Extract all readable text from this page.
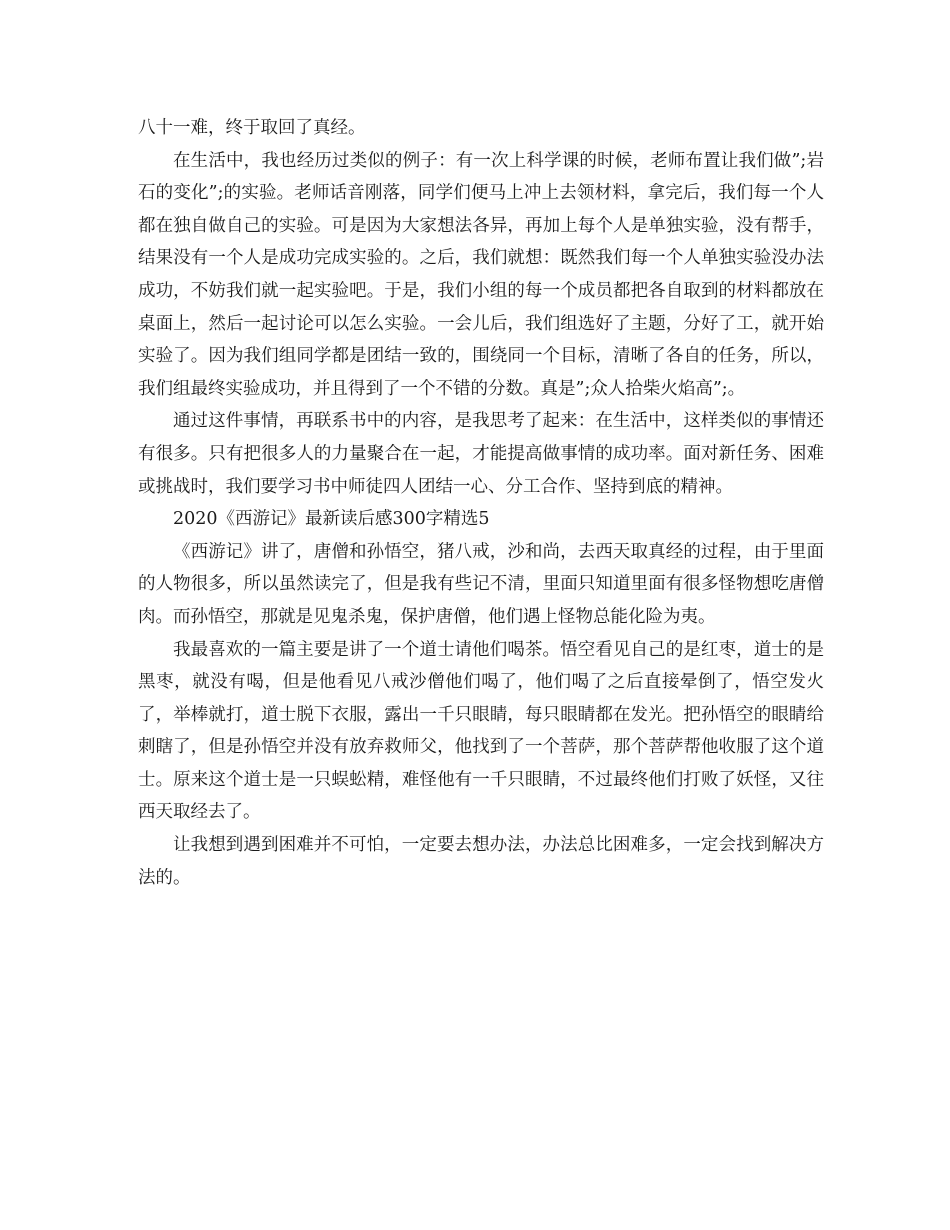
八十一难，终于取回了真经。

在生活中，我也经历过类似的例子：有一次上科学课的时候，老师布置让我们做”;岩石的变化”;的实验。老师话音刚落，同学们便马上冲上去领材料，拿完后，我们每一个人都在独自做自己的实验。可是因为大家想法各异，再加上每个人是单独实验，没有帮手，结果没有一个人是成功完成实验的。之后，我们就想：既然我们每一个人单独实验没办法成功，不妨我们就一起实验吧。于是，我们小组的每一个成员都把各自取到的材料都放在桌面上，然后一起讨论可以怎么实验。一会儿后，我们组选好了主题，分好了工，就开始实验了。因为我们组同学都是团结一致的，围绕同一个目标，清晰了各自的任务，所以，我们组最终实验成功，并且得到了一个不错的分数。真是”;众人拾柴火焰高”;。

通过这件事情，再联系书中的内容，是我思考了起来：在生活中，这样类似的事情还有很多。只有把很多人的力量聚合在一起，才能提高做事情的成功率。面对新任务、困难或挑战时，我们要学习书中师徒四人团结一心、分工合作、坚持到底的精神。

2020《西游记》最新读后感300字精选5

《西游记》讲了，唐僧和孙悟空，猪八戒，沙和尚，去西天取真经的过程，由于里面的人物很多，所以虽然读完了，但是我有些记不清，里面只知道里面有很多怪物想吃唐僧肉。而孙悟空，那就是见鬼杀鬼，保护唐僧，他们遇上怪物总能化险为夷。

我最喜欢的一篇主要是讲了一个道士请他们喝茶。悟空看见自己的是红枣，道士的是黑枣，就没有喝，但是他看见八戒沙僧他们喝了，他们喝了之后直接晕倒了，悟空发火了，举棒就打，道士脱下衣服，露出一千只眼睛，每只眼睛都在发光。把孙悟空的眼睛给刺瞎了，但是孙悟空并没有放弃救师父，他找到了一个菩萨，那个菩萨帮他收服了这个道士。原来这个道士是一只蜈蚣精，难怪他有一千只眼睛，不过最终他们打败了妖怪，又往西天取经去了。

让我想到遇到困难并不可怕，一定要去想办法，办法总比困难多，一定会找到解决方法的。
